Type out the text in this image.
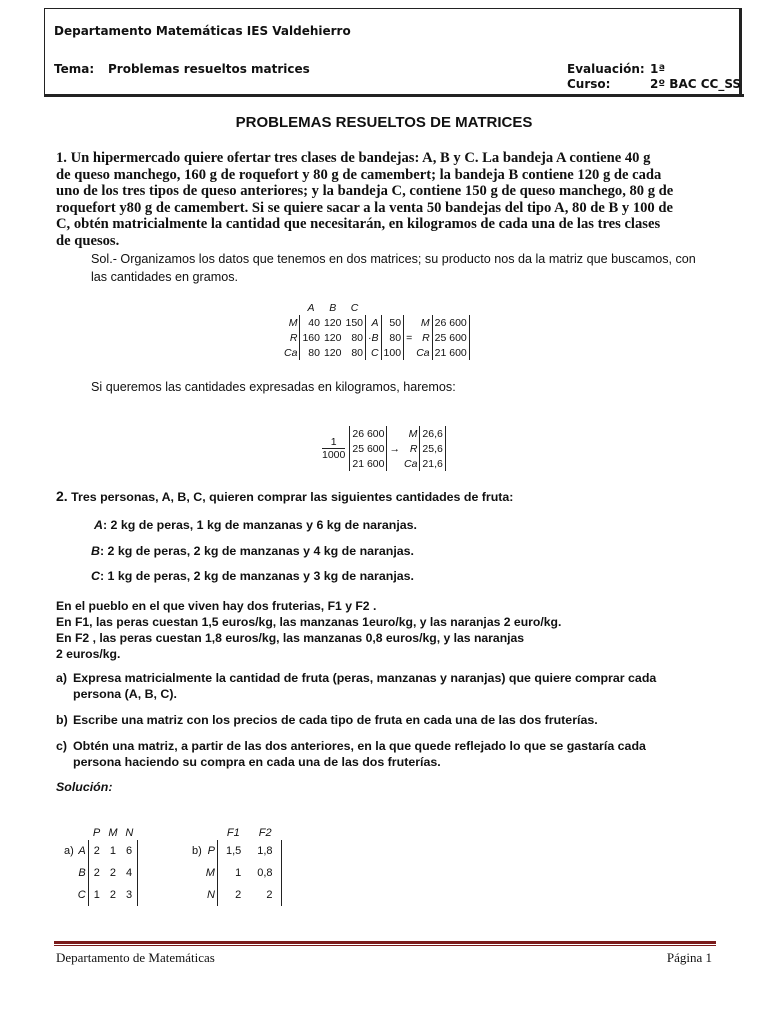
Departamento Matemáticas IES Valdehierro
Tema: Problemas resueltos matrices	Evaluación: 1ª
Curso:	2º BAC CC_SS
PROBLEMAS RESUELTOS DE MATRICES
1. Un hipermercado quiere ofertar tres clases de bandejas: A, B y C. La bandeja A contiene 40 g
de queso manchego, 160 g de roquefort y 80 g de camembert; la bandeja B contiene 120 g de cada
uno de los tres tipos de queso anteriores; y la bandeja C, contiene 150 g de queso manchego, 80 g de
roquefort y80 g de camembert. Si se quiere sacar a la venta 50 bandejas del tipo A, 80 de B y 100 de
C, obtén matricialmente la cantidad que necesitarán, en kilogramos de cada una de las tres clases
de quesos.
Sol.- Organizamos los datos que tenemos en dos matrices; su producto nos da la matriz que buscamos, con
las cantidades en gramos.
	A	B	C						
M	40	120	150	A	50		M	26 600	
R	160	120	80	·B	80	=	R	25 600	
Ca	80	120	80	C	100		Ca	21 600	
Si queremos las cantidades expresadas en kilogramos, haremos:
1
1000	26 600		M	26,6
	25 600	→	R	25,6
	21 600		Ca	21,6
2. Tres personas, A, B, C, quieren comprar las siguientes cantidades de fruta:
A: 2 kg de peras, 1 kg de manzanas y 6 kg de naranjas.
B: 2 kg de peras, 2 kg de manzanas y 4 kg de naranjas.
C: 1 kg de peras, 2 kg de manzanas y 3 kg de naranjas.
En el pueblo en el que viven hay dos fruterias, F1 y F2 .
En F1, las peras cuestan 1,5 euros/kg, las manzanas 1euro/kg, y las naranjas 2 euro/kg.
En F2 , las peras cuestan 1,8 euros/kg, las manzanas 0,8 euros/kg, y las naranjas
2 euros/kg.
a) Expresa matricialmente la cantidad de fruta (peras, manzanas y naranjas) que quiere comprar cada
persona (A, B, C).
b) Escribe una matriz con los precios de cada tipo de fruta en cada una de las dos fruterías.
c) Obtén una matriz, a partir de las dos anteriores, en la que quede reflejado lo que se gastaría cada
persona haciendo su compra en cada una de las dos fruterías.
Solución:
		P	M	N
a)	A	2	1	6
	B	2	2	4
	C	1	2	3
		F1	F2
b)	P	1,5	1,8
	M	1	0,8
	N	2	2
Departamento de Matemáticas	Página 1
